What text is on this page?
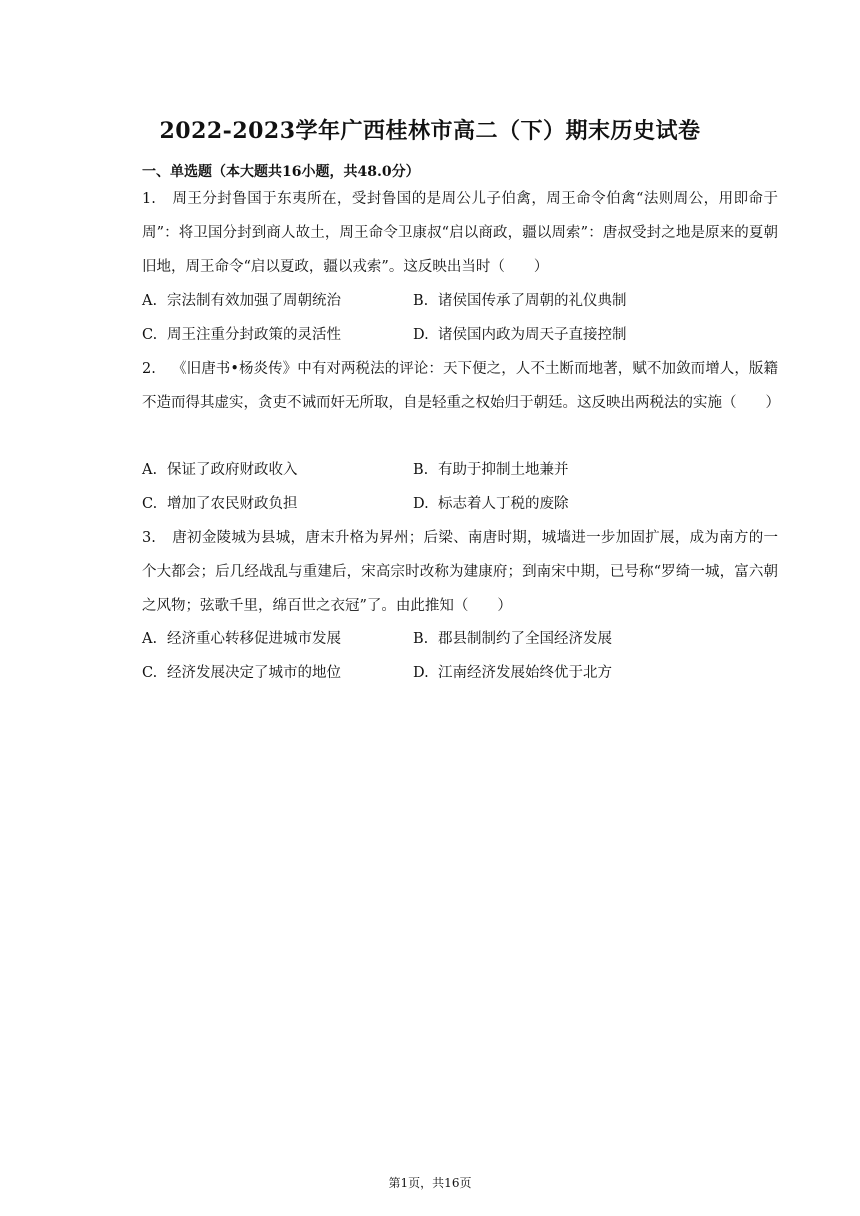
2022-2023学年广西桂林市高二（下）期末历史试卷
一、单选题（本大题共16小题，共48.0分）
1. 周王分封鲁国于东夷所在，受封鲁国的是周公儿子伯禽，周王命令伯禽“法则周公，用即命于周”：将卫国分封到商人故土，周王命令卫康叔“启以商政，疆以周索”：唐叔受封之地是原来的夏朝旧地，周王命令“启以夏政，疆以戎索”。这反映出当时（　　）
A. 宗法制有效加强了周朝统治	B. 诸侯国传承了周朝的礼仪典制
C. 周王注重分封政策的灵活性	D. 诸侯国内政为周天子直接控制
2. 《旧唐书•杨炎传》中有对两税法的评论：天下便之，人不土断而地著，赋不加敛而增人，版籍不造而得其虚实，贪吏不诫而奸无所取，自是轻重之权始归于朝廷。这反映出两税法的实施（　　）
A. 保证了政府财政收入	B. 有助于抑制土地兼并
C. 增加了农民财政负担	D. 标志着人丁税的废除
3. 唐初金陵城为县城，唐末升格为昇州；后梁、南唐时期，城墙进一步加固扩展，成为南方的一个大都会；后几经战乱与重建后，宋高宗时改称为建康府；到南宋中期，已号称“罗绮一城，富六朝之风物；弦歌千里，绵百世之衣冠”了。由此推知（　　）
A. 经济重心转移促进城市发展	B. 郡县制制约了全国经济发展
C. 经济发展决定了城市的地位	D. 江南经济发展始终优于北方
第1页，共16页
